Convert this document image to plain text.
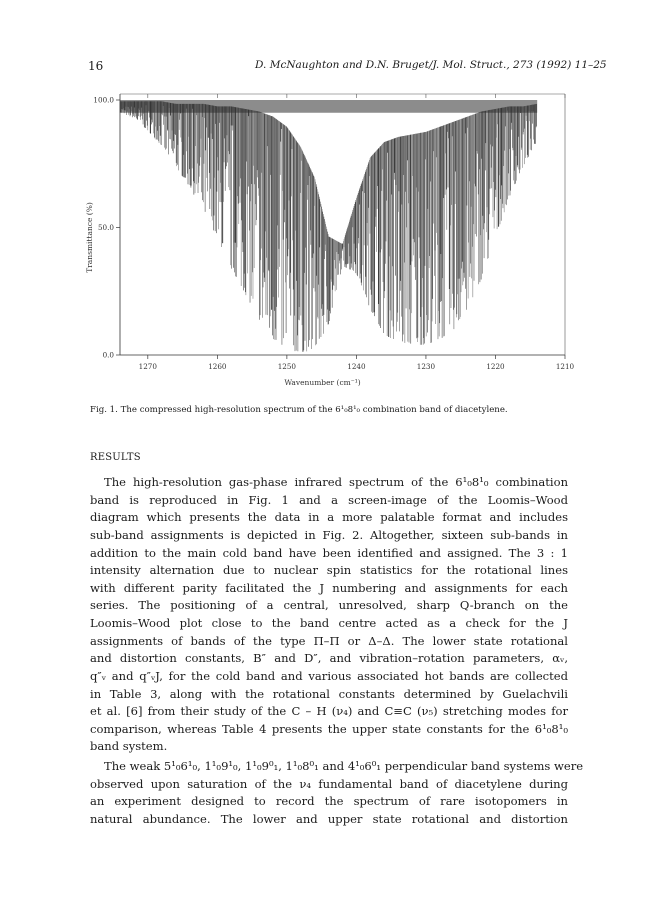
16	D. McNaughton and D.N. Bruget/J. Mol. Struct., 273 (1992) 11–25
1270	1260	1250	1240	1230	1220	1210
100.0
50.0
0.0
Wavenumber (cm⁻¹)
Transmittance (%)
Fig. 1. The compressed high-resolution spectrum of the 6¹₀8¹₀ combination band of diacetylene.
RESULTS
The high-resolution gas-phase infrared spectrum of the 6¹₀8¹₀ combination
band is reproduced in Fig. 1 and a screen-image of the Loomis–Wood
diagram which presents the data in a more palatable format and includes
sub-band assignments is depicted in Fig. 2. Altogether, sixteen sub-bands in
addition to the main cold band have been identified and assigned. The 3 : 1
intensity alternation due to nuclear spin statistics for the rotational lines
with different parity facilitated the J numbering and assignments for each
series. The positioning of a central, unresolved, sharp Q-branch on the
Loomis–Wood plot close to the band centre acted as a check for the J
assignments of bands of the type Π–Π or Δ–Δ. The lower state rotational
and distortion constants, B″ and D″, and vibration–rotation parameters, αᵥ,
q″ᵥ and q″ᵥJ, for the cold band and various associated hot bands are collected
in Table 3, along with the rotational constants determined by Guelachvili
et al. [6] from their study of the C – H (ν₄) and C≡C (ν₅) stretching modes for
comparison, whereas Table 4 presents the upper state constants for the 6¹₀8¹₀
band system.
The weak 5¹₀6¹₀, 1¹₀9¹₀, 1¹₀9⁰₁, 1¹₀8⁰₁ and 4¹₀6⁰₁ perpendicular band systems were
observed upon saturation of the ν₄ fundamental band of diacetylene during
an experiment designed to record the spectrum of rare isotopomers in
natural abundance. The lower and upper state rotational and distortion
